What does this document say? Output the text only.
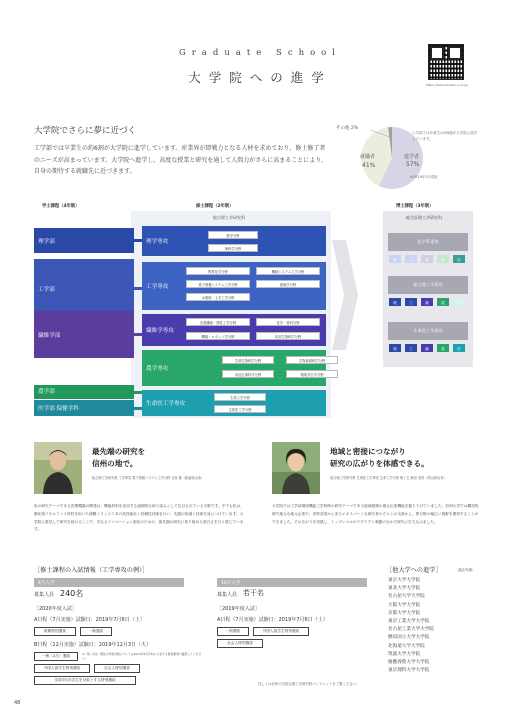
Graduate School
大学院への進学	https://www.shinshu-u.ac.jp/
大学院でさらに夢に近づく
工学部では卒業生の約6割が大学院に進学しています。産業界が即戦力となる人材を求めており、修士修了者のニーズが高まっています。大学院へ進学し、高度な授業と研究を通して人間力がさらに高まることにより、自身の期待する就職先に近づきます。
進学者
57%
就職者
41%
その他 2%
※2019年3月現在
工学部では卒業生の約6割が大学院に進学しています。
学士課程（4年制）	修士課程（2年制）	博士課程（3年制）
総合理工学研究科	総合医理工学研究科
理学部
工学部
繊維学部
農学部
医学部 保健学科
理学専攻
数学分野
理科学分野
工学専攻
物質化学分野
電子情報システム工学分野
水環境・土木工学分野
機械システム工学分野
建築学分野
繊維学専攻
先進繊維・感性工学分野
機械・ロボット学分野
化学・材料分野
応用生物科学分野
農学専攻
生命生物科学分野
食品生命科学分野
生物資源科学分野
環境共生学分野
生命医工学専攻
生命工学分野
生体医工学分野
医学系専攻
理	工	繊	農	医
総合理工学専攻
理	工	繊	農	医
生命医工学専攻
理	工	繊	農	医
最先端の研究を
信州の地で。
総合理工学研究科 工学専攻 電子情報システム工学分野 石原 慶（新潟県出身）
私の研究テーマである医療機器の開発は、機能材料を応用する画期的な取り組みとして注目されている分野です。中でも私は、酸化物アモルファス材料を用いた薄膜トランジスタの高性能化と信頼性評価を行い、先端の知識と技術を身につけています。大学院に進学して研究を続けることで、次なるイノベーション創出のための、最先端の研究に取り組める面白さを日々感じています。
地域と密接につながり
研究の広がりを体感できる。
総合理工学研究科 生命医工学専攻 生命工学分野 修了生 飯田 美咲（岡山県出身）
大学院では工学部環境機能工学科時の研究テーマである地域振興の複合伝達機能を掘り下げていました。信州大学では構造物理で地元な地元企業や、世界各国から来るエキスパートな研究者の方々との交流から、異分野の幅広い視野を獲得することができました。その広がりを実感し、トップレベルのワクワクと刺激のなかで研究に打ち込みました。
［修士課程の入試情報（工学専攻の例）］
4月入学
募集人員 240名
［2020年度入試］
A日程（7月実施）試験日：2019年7月6日（土）
推薦特別選抜	一般選抜
B日程（12月実施）試験日：2019年12月3日（火）
一般（2次）選抜	※一般（2次）選抜の実施有無については2019年9月中旬に公表する募集要項で確認してください。
外国人留学生特別選抜	社会人特別選抜
学部3年次学生を対象とする特別選抜
10月入学
募集人員 若干名
［2019年度入試］
A日程（7月実施）試験日：2019年7月6日（土）
一般選抜	外国人留学生特別選抜
社会人特別選抜
詳しくは信州大学総合理工学研究科パンフレットをご覧ください。
［他大学への進学］	（過去実績）
東京大学大学院
東北大学大学院
名古屋大学大学院
大阪大学大学院
京都大学大学院
東京工業大学大学院
名古屋工業大学大学院
横浜国立大学大学院
北海道大学大学院
筑波大学大学院
慶應義塾大学大学院
東京理科大学大学院
48
